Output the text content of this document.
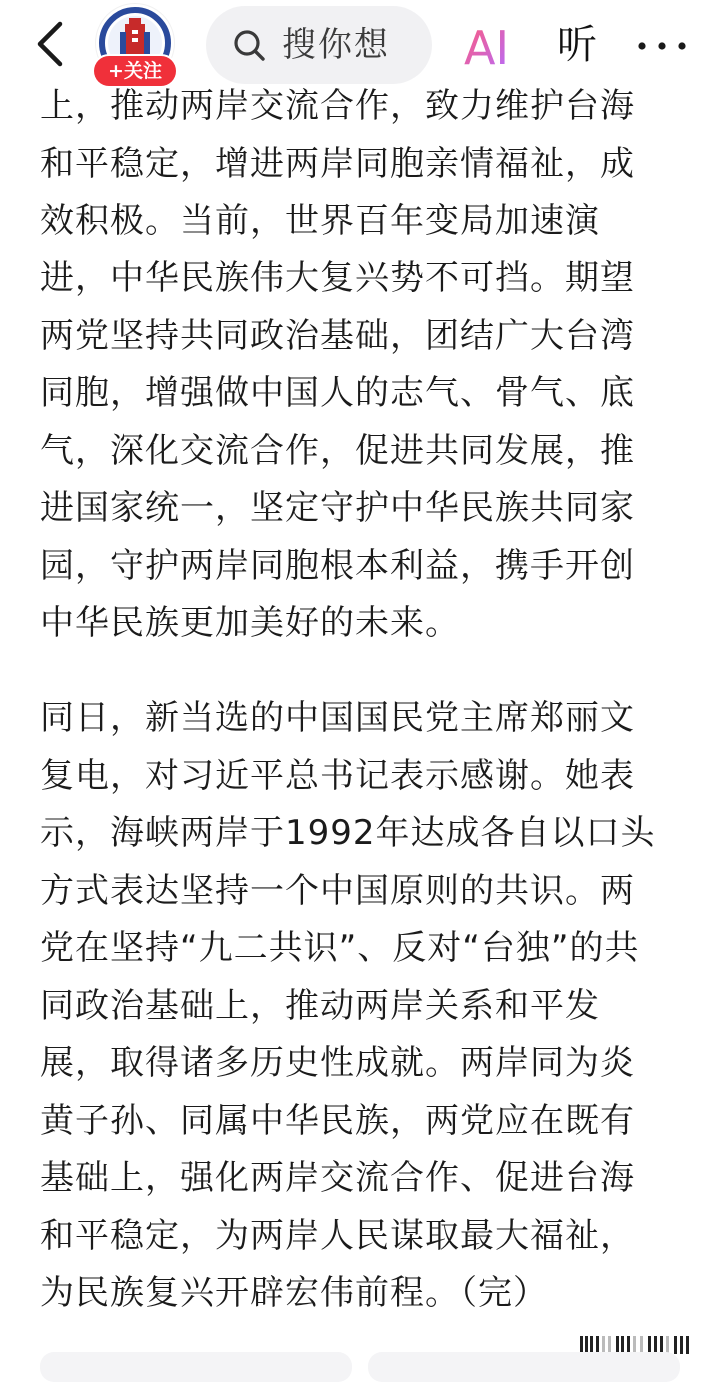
上，推动两岸交流合作，致力维护台海
和平稳定，增进两岸同胞亲情福祉，成
效积极。当前，世界百年变局加速演
进，中华民族伟大复兴势不可挡。期望
两党坚持共同政治基础，团结广大台湾
同胞，增强做中国人的志气、骨气、底
气，深化交流合作，促进共同发展，推
进国家统一，坚定守护中华民族共同家
园，守护两岸同胞根本利益，携手开创
中华民族更加美好的未来。
同日，新当选的中国国民党主席郑丽文
复电，对习近平总书记表示感谢。她表
示，海峡两岸于1992年达成各自以口头
方式表达坚持一个中国原则的共识。两
党在坚持“九二共识”、反对“台独”的共
同政治基础上，推动两岸关系和平发
展，取得诸多历史性成就。两岸同为炎
黄子孙、同属中华民族，两党应在既有
基础上，强化两岸交流合作、促进台海
和平稳定，为两岸人民谋取最大福祉，
为民族复兴开辟宏伟前程。（完）
+关注
搜你想	AI 听
